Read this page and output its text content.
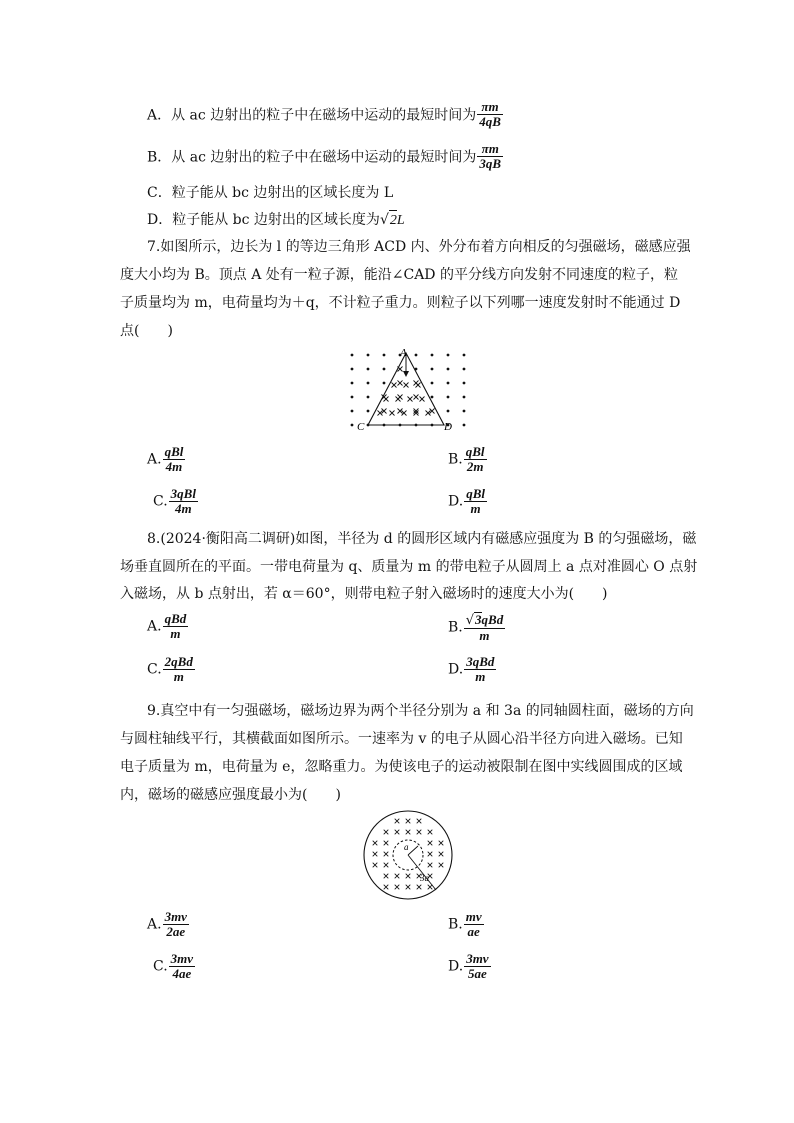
A．从 ac 边射出的粒子中在磁场中运动的最短时间为 $\frac{\pi m}{4qB}$
B．从 ac 边射出的粒子中在磁场中运动的最短时间为 $\frac{\pi m}{3qB}$
C．粒子能从 bc 边射出的区域长度为 L
D．粒子能从 bc 边射出的区域长度为√2L
7.如图所示，边长为 l 的等边三角形 ACD 内、外分布着方向相反的匀强磁场，磁感应强
度大小均为 B。顶点 A 处有一粒子源，能沿∠CAD 的平分线方向发射不同速度的粒子，粒
子质量均为 m，电荷量均为＋q，不计粒子重力。则粒子以下列哪一速度发射时不能通过 D
点(　　)
A
C	D
A. $\frac{\text{qBl}}{4m}$	B. $\frac{\text{qBl}}{2m}$
C. $\frac{\text{3qBl}}{4m}$	D. $\frac{\text{qBl}}{m}$
8.(2024·衡阳高二调研)如图，半径为 d 的圆形区域内有磁感应强度为 B 的匀强磁场，磁
场垂直圆所在的平面。一带电荷量为 q、质量为 m 的带电粒子从圆周上 a 点对准圆心 O 点射
入磁场，从 b 点射出，若 α＝60°，则带电粒子射入磁场时的速度大小为(　　)
A. $\frac{\text{qBd}}{m}$	B. $\frac{\text{√3qBd}}{m}$
C. $\frac{\text{2qBd}}{m}$	D. $\frac{\text{3qBd}}{m}$
9.真空中有一匀强磁场，磁场边界为两个半径分别为 a 和 3a 的同轴圆柱面，磁场的方向
与圆柱轴线平行，其横截面如图所示。一速率为 v 的电子从圆心沿半径方向进入磁场。已知
电子质量为 m，电荷量为 e，忽略重力。为使该电子的运动被限制在图中实线圆围成的区域
内，磁场的磁感应强度最小为(　　)
a
3a
A. $\frac{3mv}{2ae}$	B. $\frac{mv}{ae}$
C. $\frac{3mv}{4ae}$	D. $\frac{3mv}{5ae}$
